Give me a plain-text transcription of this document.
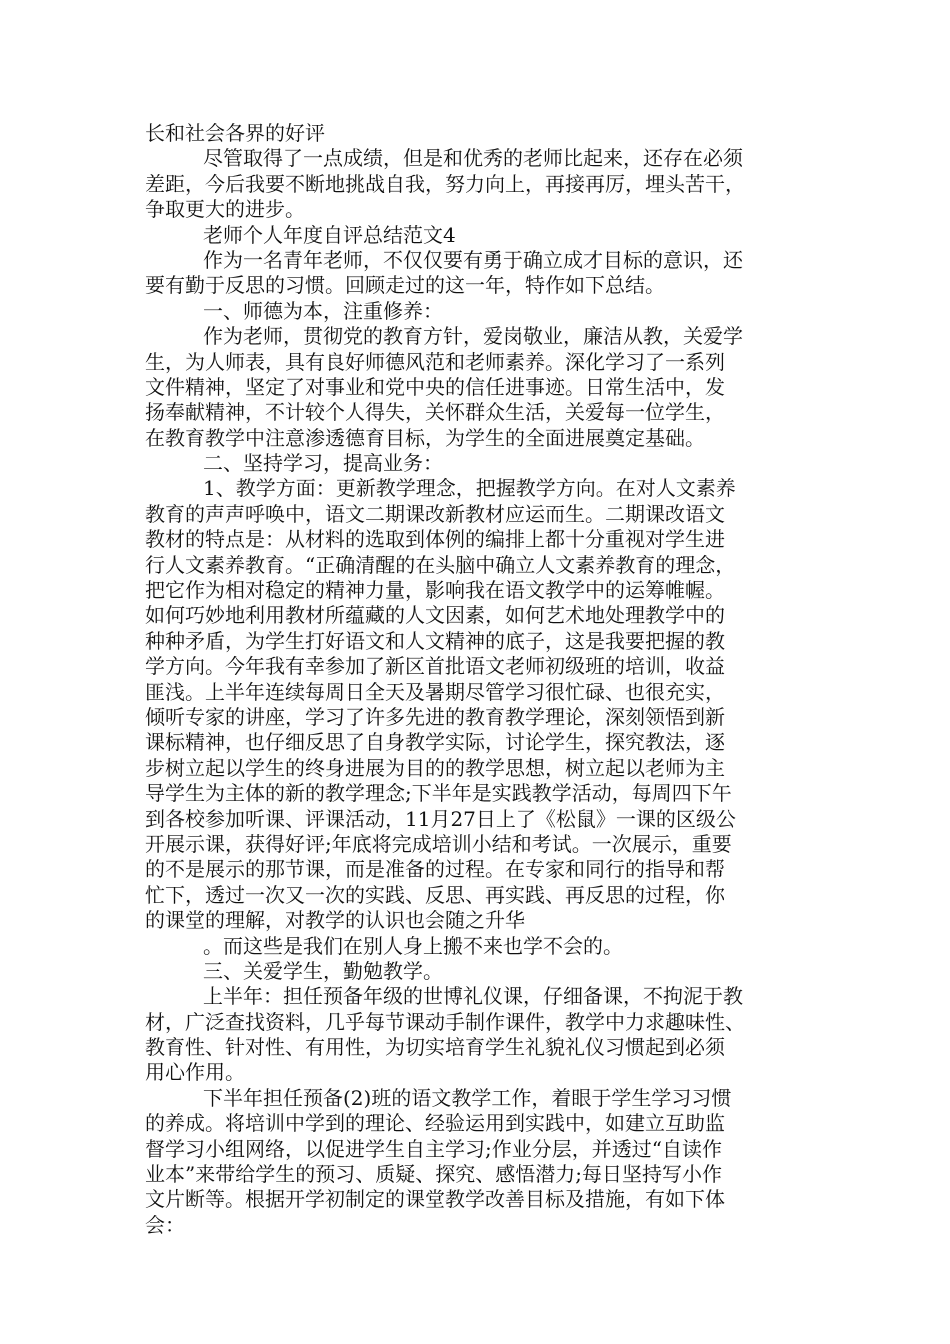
长和社会各界的好评
尽管取得了一点成绩，但是和优秀的老师比起来，还存在必须
差距，今后我要不断地挑战自我，努力向上，再接再厉，埋头苦干，
争取更大的进步。
老师个人年度自评总结范文4
作为一名青年老师，不仅仅要有勇于确立成才目标的意识，还
要有勤于反思的习惯。回顾走过的这一年，特作如下总结。
一、师德为本，注重修养：
作为老师，贯彻党的教育方针，爱岗敬业，廉洁从教，关爱学
生，为人师表，具有良好师德风范和老师素养。深化学习了一系列
文件精神，坚定了对事业和党中央的信任进事迹。日常生活中，发
扬奉献精神，不计较个人得失，关怀群众生活，关爱每一位学生，
在教育教学中注意渗透德育目标，为学生的全面进展奠定基础。
二、坚持学习，提高业务：
1、教学方面：更新教学理念，把握教学方向。在对人文素养
教育的声声呼唤中，语文二期课改新教材应运而生。二期课改语文
教材的特点是：从材料的选取到体例的编排上都十分重视对学生进
行人文素养教育。“正确清醒的在头脑中确立人文素养教育的理念，
把它作为相对稳定的精神力量，影响我在语文教学中的运筹帷幄。
如何巧妙地利用教材所蕴藏的人文因素，如何艺术地处理教学中的
种种矛盾，为学生打好语文和人文精神的底子，这是我要把握的教
学方向。今年我有幸参加了新区首批语文老师初级班的培训，收益
匪浅。上半年连续每周日全天及暑期尽管学习很忙碌、也很充实，
倾听专家的讲座，学习了许多先进的教育教学理论，深刻领悟到新
课标精神，也仔细反思了自身教学实际，讨论学生，探究教法，逐
步树立起以学生的终身进展为目的的教学思想，树立起以老师为主
导学生为主体的新的教学理念;下半年是实践教学活动，每周四下午
到各校参加听课、评课活动，11月27日上了《松鼠》一课的区级公
开展示课，获得好评;年底将完成培训小结和考试。一次展示，重要
的不是展示的那节课，而是准备的过程。在专家和同行的指导和帮
忙下，透过一次又一次的实践、反思、再实践、再反思的过程，你
的课堂的理解，对教学的认识也会随之升华
。而这些是我们在别人身上搬不来也学不会的。
三、关爱学生，勤勉教学。
上半年：担任预备年级的世博礼仪课，仔细备课，不拘泥于教
材，广泛查找资料，几乎每节课动手制作课件，教学中力求趣味性、
教育性、针对性、有用性，为切实培育学生礼貌礼仪习惯起到必须
用心作用。
下半年担任预备(2)班的语文教学工作，着眼于学生学习习惯
的养成。将培训中学到的理论、经验运用到实践中，如建立互助监
督学习小组网络，以促进学生自主学习;作业分层，并透过“自读作
业本”来带给学生的预习、质疑、探究、感悟潜力;每日坚持写小作
文片断等。根据开学初制定的课堂教学改善目标及措施，有如下体
会：
